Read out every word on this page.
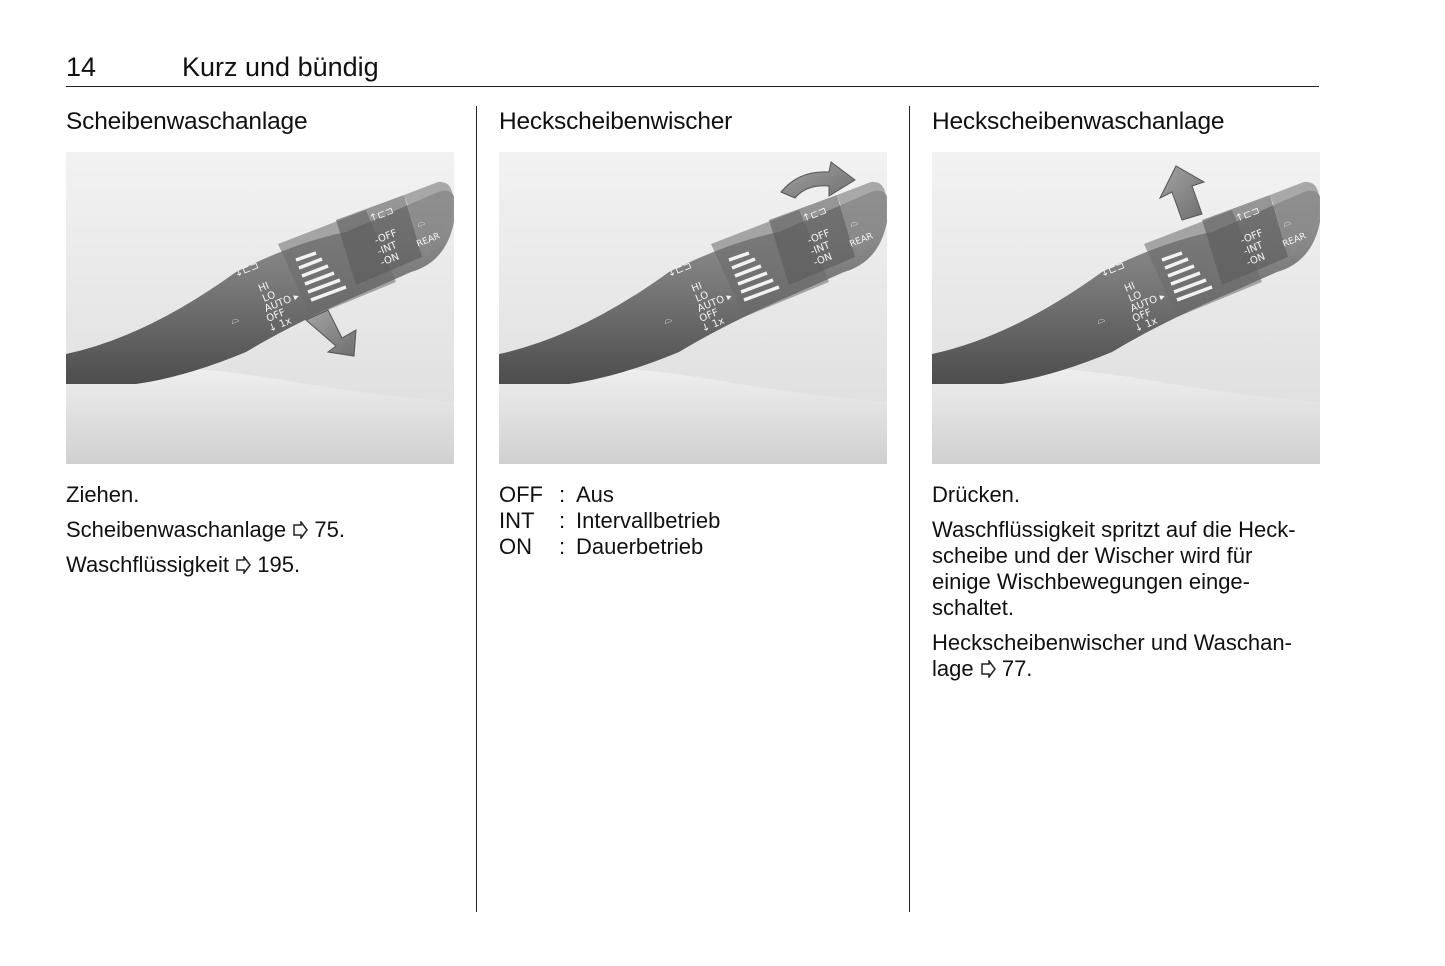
14	Kurz und bündig
Scheibenwaschanlage

Ziehen.

Scheibenwaschanlage  75.

Waschflüssigkeit  195.

Heckscheibenwischer
OFF	:	Aus
INT	:	Intervallbetrieb
ON	:	Dauerbetrieb
Heckscheibenwaschanlage

Drücken.

Waschflüssigkeit spritzt auf die Heck-
scheibe und der Wischer wird für
einige Wischbewegungen einge-
schaltet.

Heckscheibenwischer und Waschan-
lage  77.
